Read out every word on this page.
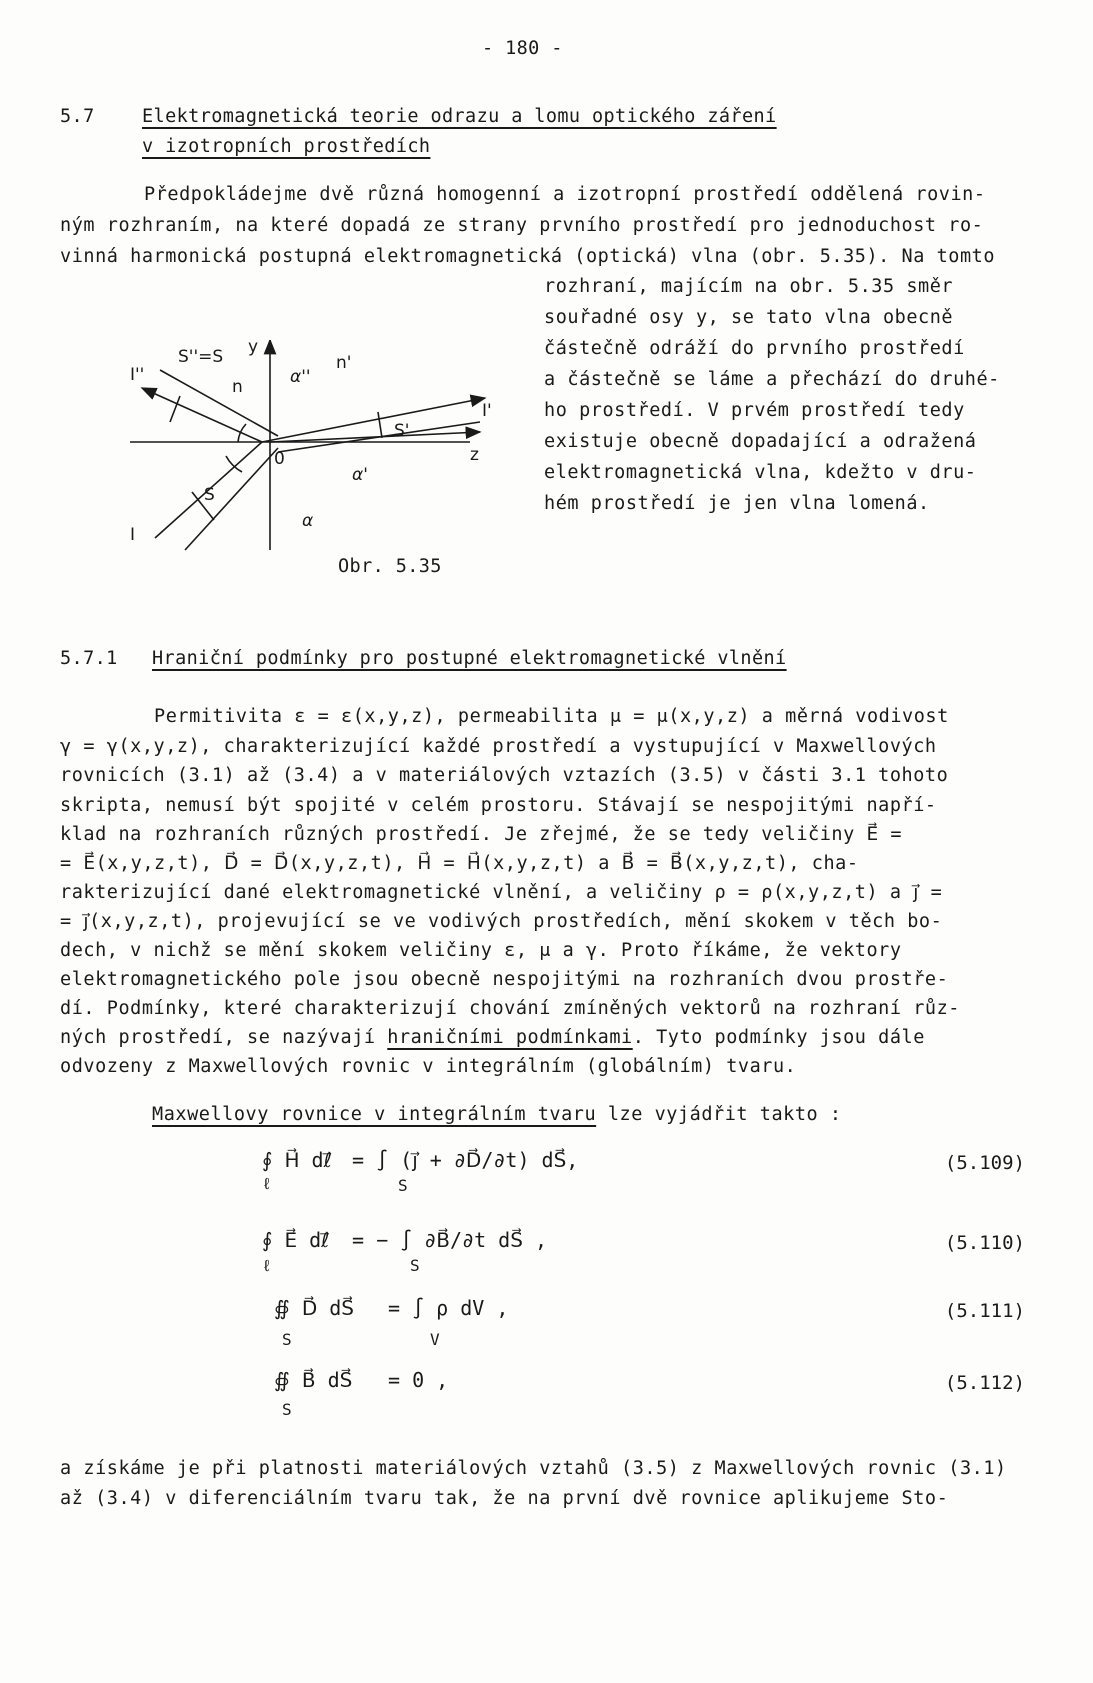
- 180 -
5.7	Elektromagnetická teorie odrazu a lomu optického záření
v izotropních prostředích
Předpokládejme dvě různá homogenní a izotropní prostředí oddělená rovin-
ným rozhraním, na které dopadá ze strany prvního prostředí pro jednoduchost ro-
vinná harmonická postupná elektromagnetická (optická) vlna (obr. 5.35). Na tomto
rozhraní, majícím na obr. 5.35 směr
souřadné osy y, se tato vlna obecně
částečně odráží do prvního prostředí
a částečně se láme a přechází do druhé-
ho prostředí. V prvém prostředí tedy
existuje obecně dopadající a odražená
elektromagnetická vlna, kdežto v dru-
hém prostředí je jen vlna lomená.
S''=S y
I''
n	α''
n'
I'
S'
0	z
α'
S
I
α
Obr. 5.35
5.7.1 Hraniční podmínky pro postupné elektromagnetické vlnění
Permitivita ε = ε(x,y,z), permeabilita μ = μ(x,y,z) a měrná vodivost
γ = γ(x,y,z), charakterizující každé prostředí a vystupující v Maxwellových
rovnicích (3.1) až (3.4) a v materiálových vztazích (3.5) v části 3.1 tohoto
skripta, nemusí být spojité v celém prostoru. Stávají se nespojitými napří-
klad na rozhraních různých prostředí. Je zřejmé, že se tedy veličiny E⃗ =
= E⃗(x,y,z,t), D⃗ = D⃗(x,y,z,t), H⃗ = H⃗(x,y,z,t) a B⃗ = B⃗(x,y,z,t), cha-
rakterizující dané elektromagnetické vlnění, a veličiny ρ = ρ(x,y,z,t) a j⃗ =
= j⃗(x,y,z,t), projevující se ve vodivých prostředích, mění skokem v těch bo-
dech, v nichž se mění skokem veličiny ε, μ a γ. Proto říkáme, že vektory
elektromagnetického pole jsou obecně nespojitými na rozhraních dvou prostře-
dí. Podmínky, které charakterizují chování zmíněných vektorů na rozhraní růz-
ných prostředí, se nazývají hraničními podmínkami. Tyto podmínky jsou dále
odvozeny z Maxwellových rovnic v integrálním (globálním) tvaru.
Maxwellovy rovnice v integrálním tvaru lze vyjádřit takto :
∮ H⃗ dℓ⃗
ℓ
= ∫ (j⃗ + ∂D⃗/∂t) dS⃗,
S
(5.109)
∮ E⃗ dℓ⃗
ℓ
= − ∫ ∂B⃗/∂t dS⃗ ,
S
(5.110)
∯ D⃗ dS⃗
S
= ∫ ρ dV ,
V
(5.111)
∯ B⃗ dS⃗
S
= 0 ,	(5.112)
a získáme je při platnosti materiálových vztahů (3.5) z Maxwellových rovnic (3.1)
až (3.4) v diferenciálním tvaru tak, že na první dvě rovnice aplikujeme Sto-
